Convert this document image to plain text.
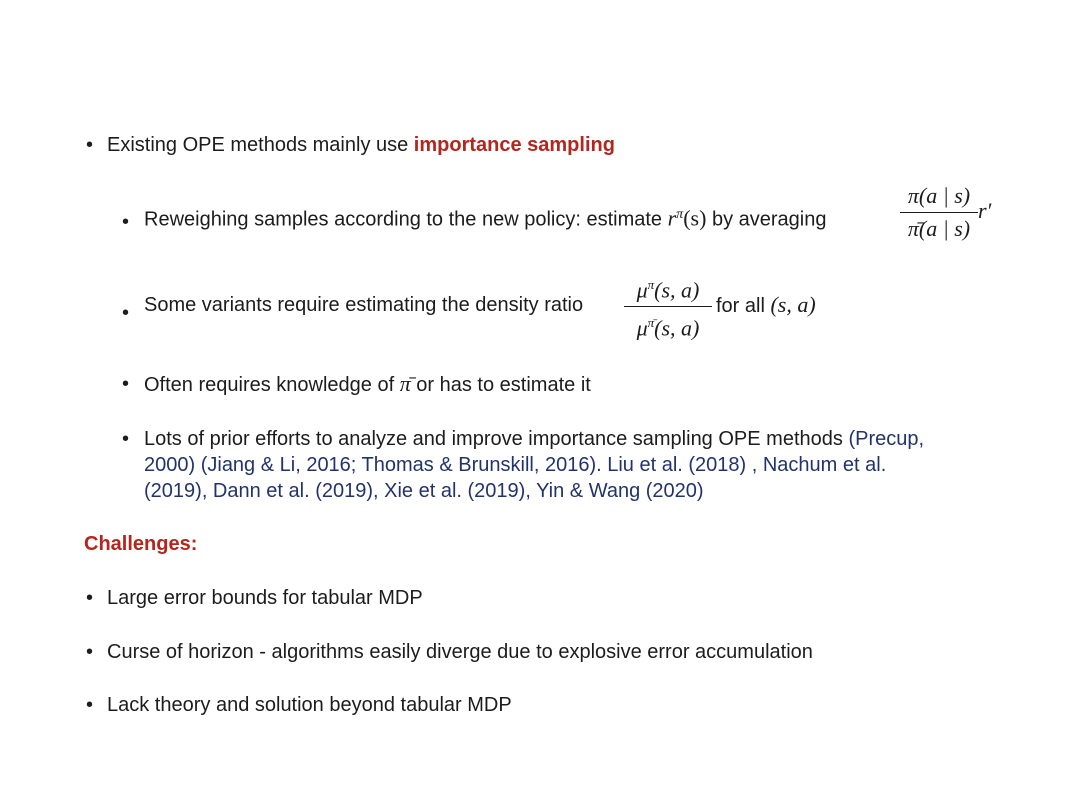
•
Existing OPE methods mainly use importance sampling
•
Reweighing samples according to the new policy: estimate $r^\pi(s)$ by averaging
π(a | s)
π̄(a | s)
r′
•
Some variants require estimating the density ratio
$\mu^\pi(s$, a)
$\mu^{\pī}(s$, a)
for all (s, a)
•
Often requires knowledge of π̄ or has to estimate it
•
Lots of prior efforts to analyze and improve importance sampling OPE methods (Precup,
2000) (Jiang & Li, 2016; Thomas & Brunskill, 2016). Liu et al. (2018) , Nachum et al.
(2019), Dann et al. (2019), Xie et al. (2019), Yin & Wang (2020)
Challenges:
•
Large error bounds for tabular MDP
•
Curse of horizon - algorithms easily diverge due to explosive error accumulation
•
Lack theory and solution beyond tabular MDP
